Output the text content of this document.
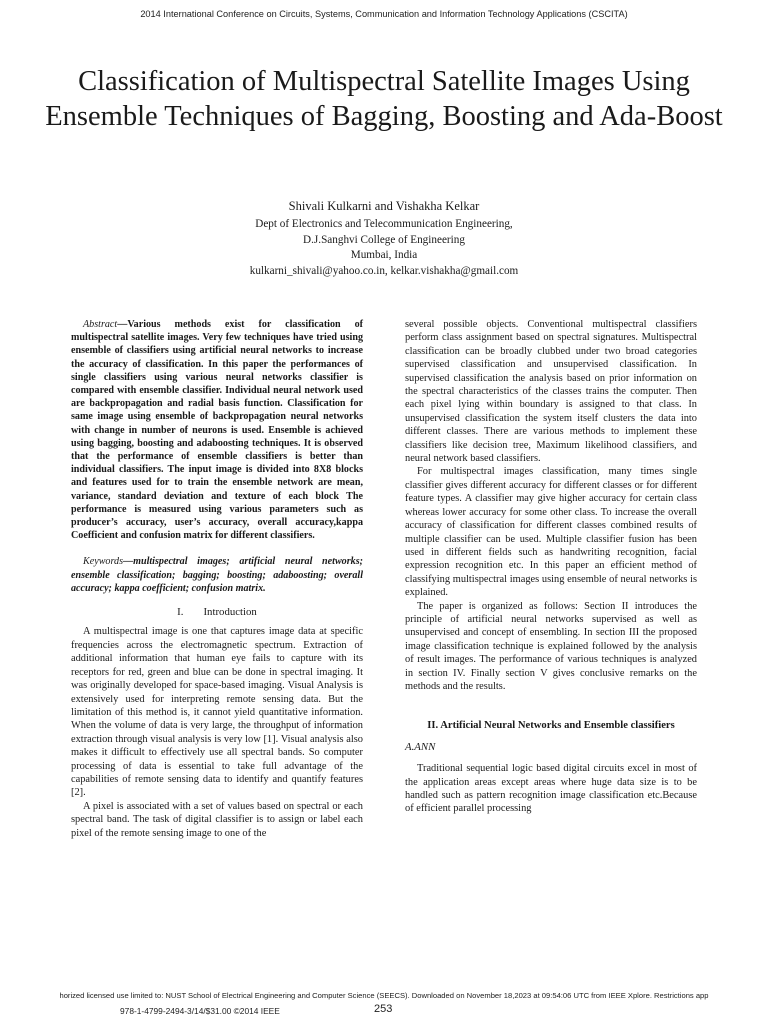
2014 International Conference on Circuits, Systems, Communication and Information Technology Applications (CSCITA)
Classification of Multispectral Satellite Images Using Ensemble Techniques of Bagging, Boosting and Ada-Boost
Shivali Kulkarni and Vishakha Kelkar
Dept of Electronics and Telecommunication Engineering,
D.J.Sanghvi College of Engineering
Mumbai, India
kulkarni_shivali@yahoo.co.in, kelkar.vishakha@gmail.com

Abstract—Various methods exist for classification of multispectral satellite images. Very few techniques have tried using ensemble of classifiers using artificial neural networks to increase the accuracy of classification. In this paper the performances of single classifiers using various neural networks classifier is compared with ensemble classifier. Individual neural network used are backpropagation and radial basis function. Classification for same image using ensemble of backpropagation neural networks with change in number of neurons is used. Ensemble is achieved using bagging, boosting and adaboosting techniques. It is observed that the performance of ensemble classifiers is better than individual classifiers. The input image is divided into 8X8 blocks and features used for to train the ensemble network are mean, variance, standard deviation and texture of each block The performance is measured using various parameters such as producer’s accuracy, user’s accuracy, overall accuracy,kappa Coefficient and confusion matrix for different classifiers.

Keywords—multispectral images; artificial neural networks; ensemble classification; bagging; boosting; adaboosting; overall accuracy; kappa coefficient; confusion matrix.

I. Introduction

A multispectral image is one that captures image data at specific frequencies across the electromagnetic spectrum. Extraction of additional information that human eye fails to capture with its receptors for red, green and blue can be done in spectral imaging. It was originally developed for space-based imaging. Visual Analysis is extensively used for interpreting remote sensing data. But the limitation of this method is, it cannot yield quantitative information. When the volume of data is very large, the throughput of information extraction through visual analysis is very low [1]. Visual analysis also makes it difficult to effectively use all spectral bands. So computer processing of data is essential to take full advantage of the capabilities of remote sensing data to identify and quantify features [2].

A pixel is associated with a set of values based on spectral or each spectral band. The task of digital classifier is to assign or label each pixel of the remote sensing image to one of the

several possible objects. Conventional multispectral classifiers perform class assignment based on spectral signatures. Multispectral classification can be broadly clubbed under two broad categories supervised classification and unsupervised classification. In supervised classification the analysis based on prior information on the spectral characteristics of the classes trains the computer. Then each pixel lying within boundary is assigned to that class. In unsupervised classification the system itself clusters the data into different classes. There are various methods to implement these classifiers like decision tree, Maximum likelihood classifiers, and neural network based classifiers.

For multispectral images classification, many times single classifier gives different accuracy for different classes or for different feature types. A classifier may give higher accuracy for certain class whereas lower accuracy for some other class. To increase the overall accuracy of classification for different classes combined results of multiple classifier can be used. Multiple classifier fusion has been used in different fields such as handwriting recognition, facial expression recognition etc. In this paper an efficient method of classifying multispectral images using ensemble of neural networks is explained.

The paper is organized as follows: Section II introduces the principle of artificial neural networks supervised as well as unsupervised and concept of ensembling. In section III the proposed image classification technique is explained followed by the analysis of result images. The performance of various techniques is analyzed in section IV. Finally section V gives conclusive remarks on the methods and the results.

II. Artificial Neural Networks and Ensemble classifiers

A.ANN

Traditional sequential logic based digital circuits excel in most of the application areas except areas where huge data size is to be handled such as pattern recognition image classification etc.Because of efficient parallel processing

horized licensed use limited to: NUST School of Electrical Engineering and Computer Science (SEECS). Downloaded on November 18,2023 at 09:54:06 UTC from IEEE Xplore. Restrictions app
978-1-4799-2494-3/14/$31.00 ©2014 IEEE	253
